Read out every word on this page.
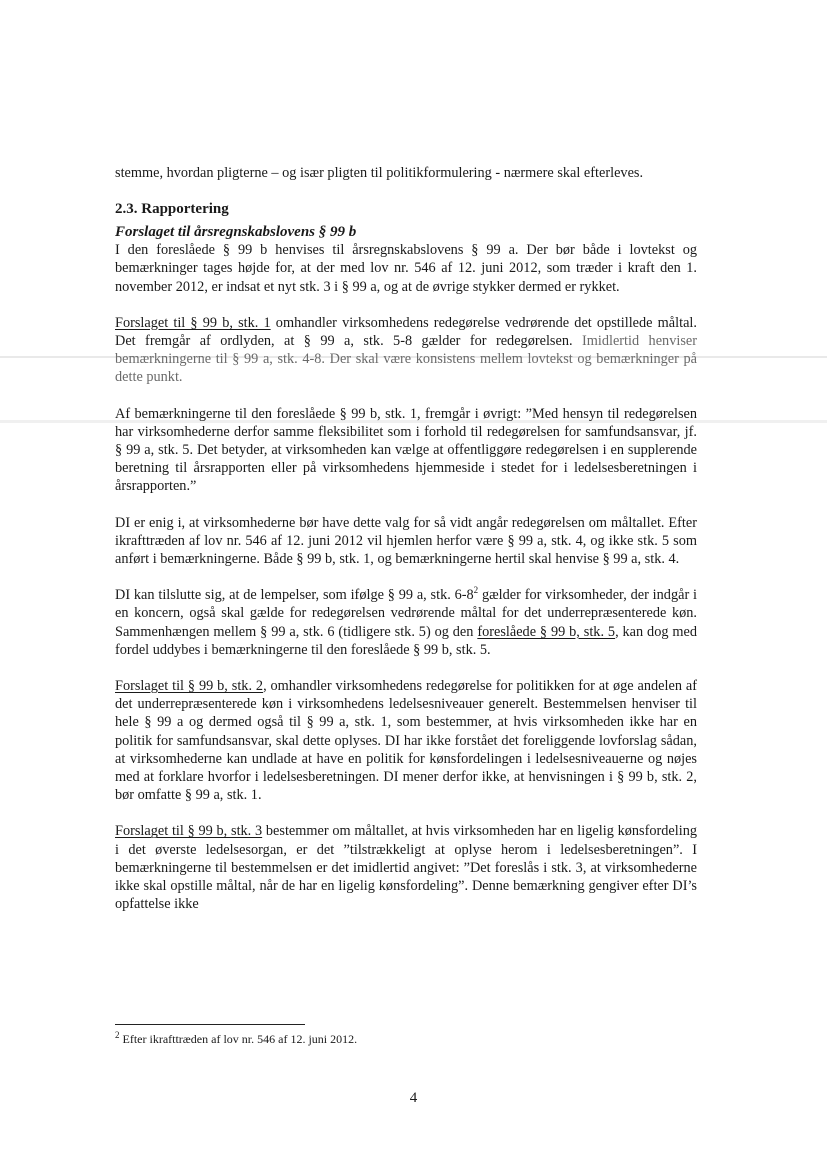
stemme, hvordan pligterne – og især pligten til politikformulering - nærmere skal efterleves.

2.3. Rapportering
Forslaget til årsregnskabslovens § 99 b

I den foreslåede § 99 b henvises til årsregnskabslovens § 99 a. Der bør både i lovtekst og bemærkninger tages højde for, at der med lov nr. 546 af 12. juni 2012, som træder i kraft den 1. november 2012, er indsat et nyt stk. 3 i § 99 a, og at de øvrige stykker dermed er rykket.

Forslaget til § 99 b, stk. 1 omhandler virksomhedens redegørelse vedrørende det opstillede måltal. Det fremgår af ordlyden, at § 99 a, stk. 5-8 gælder for redegørelsen. Imidlertid henviser bemærkningerne til § 99 a, stk. 4-8. Der skal være konsistens mellem lovtekst og bemærkninger på dette punkt.

Af bemærkningerne til den foreslåede § 99 b, stk. 1, fremgår i øvrigt: ”Med hensyn til redegørelsen har virksomhederne derfor samme fleksibilitet som i forhold til redegørelsen for samfundsansvar, jf. § 99 a, stk. 5. Det betyder, at virksomheden kan vælge at offentliggøre redegørelsen i en supplerende beretning til årsrapporten eller på virksomhedens hjemmeside i stedet for i ledelsesberetningen i årsrapporten.”

DI er enig i, at virksomhederne bør have dette valg for så vidt angår redegørelsen om måltallet. Efter ikrafttræden af lov nr. 546 af 12. juni 2012 vil hjemlen herfor være § 99 a, stk. 4, og ikke stk. 5 som anført i bemærkningerne. Både § 99 b, stk. 1, og bemærkningerne hertil skal henvise § 99 a, stk. 4.

DI kan tilslutte sig, at de lempelser, som ifølge § 99 a, stk. $6-8^2$ gælder for virksomheder, der indgår i en koncern, også skal gælde for redegørelsen vedrørende måltal for det underrepræsenterede køn. Sammenhængen mellem § 99 a, stk. 6 (tidligere stk. 5) og den foreslåede § 99 b, stk. 5, kan dog med fordel uddybes i bemærkningerne til den foreslåede § 99 b, stk. 5.

Forslaget til § 99 b, stk. 2, omhandler virksomhedens redegørelse for politikken for at øge andelen af det underrepræsenterede køn i virksomhedens ledelsesniveauer generelt. Bestemmelsen henviser til hele § 99 a og dermed også til § 99 a, stk. 1, som bestemmer, at hvis virksomheden ikke har en politik for samfundsansvar, skal dette oplyses. DI har ikke forstået det foreliggende lovforslag sådan, at virksomhederne kan undlade at have en politik for kønsfordelingen i ledelsesniveauerne og nøjes med at forklare hvorfor i ledelsesberetningen. DI mener derfor ikke, at henvisningen i § 99 b, stk. 2, bør omfatte § 99 a, stk. 1.

Forslaget til § 99 b, stk. 3 bestemmer om måltallet, at hvis virksomheden har en ligelig kønsfordeling i det øverste ledelsesorgan, er det ”tilstrækkeligt at oplyse herom i ledelsesberetningen”. I bemærkningerne til bestemmelsen er det imidlertid angivet: ”Det foreslås i stk. 3, at virksomhederne ikke skal opstille måltal, når de har en ligelig kønsfordeling”. Denne bemærkning gengiver efter DI’s opfattelse ikke

$^2$ Efter ikrafttræden af lov nr. 546 af 12. juni 2012.
4
